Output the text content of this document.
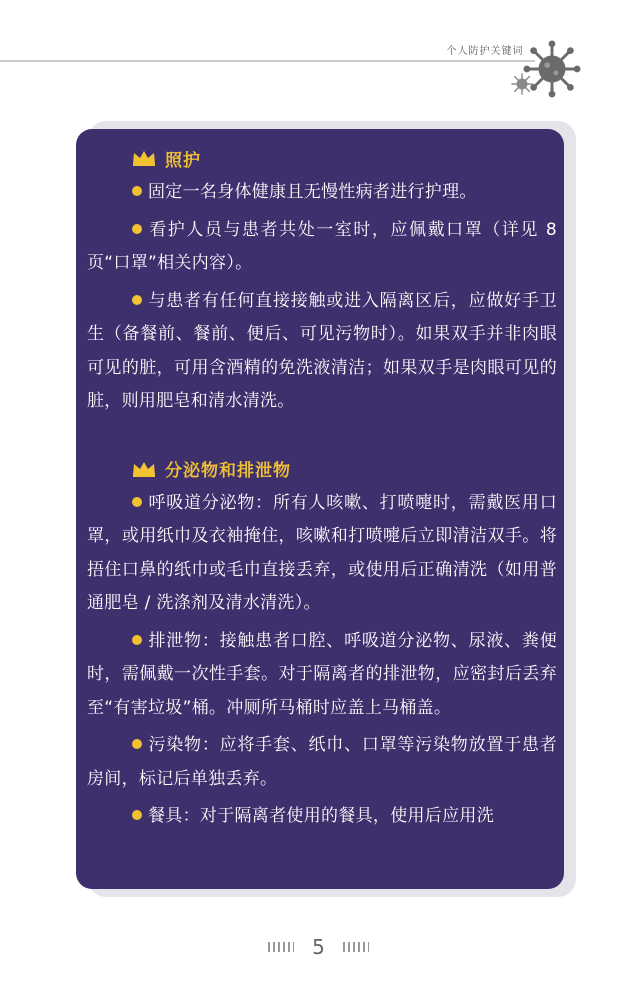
个人防护关键词
照护
固定一名身体健康且无慢性病者进行护理。
看护人员与患者共处一室时，应佩戴口罩（详见 8 页“口罩”相关内容）。
与患者有任何直接接触或进入隔离区后，应做好手卫生（备餐前、餐前、便后、可见污物时）。如果双手并非肉眼可见的脏，可用含酒精的免洗液清洁；如果双手是肉眼可见的脏，则用肥皂和清水清洗。
分泌物和排泄物
呼吸道分泌物：所有人咳嗽、打喷嚏时，需戴医用口罩，或用纸巾及衣袖掩住，咳嗽和打喷嚏后立即清洁双手。将捂住口鼻的纸巾或毛巾直接丢弃，或使用后正确清洗（如用普通肥皂 / 洗涤剂及清水清洗）。
排泄物：接触患者口腔、呼吸道分泌物、尿液、粪便时，需佩戴一次性手套。对于隔离者的排泄物，应密封后丢弃至“有害垃圾”桶。冲厕所马桶时应盖上马桶盖。
污染物：应将手套、纸巾、口罩等污染物放置于患者房间，标记后单独丢弃。
餐具：对于隔离者使用的餐具，使用后应用洗
5
